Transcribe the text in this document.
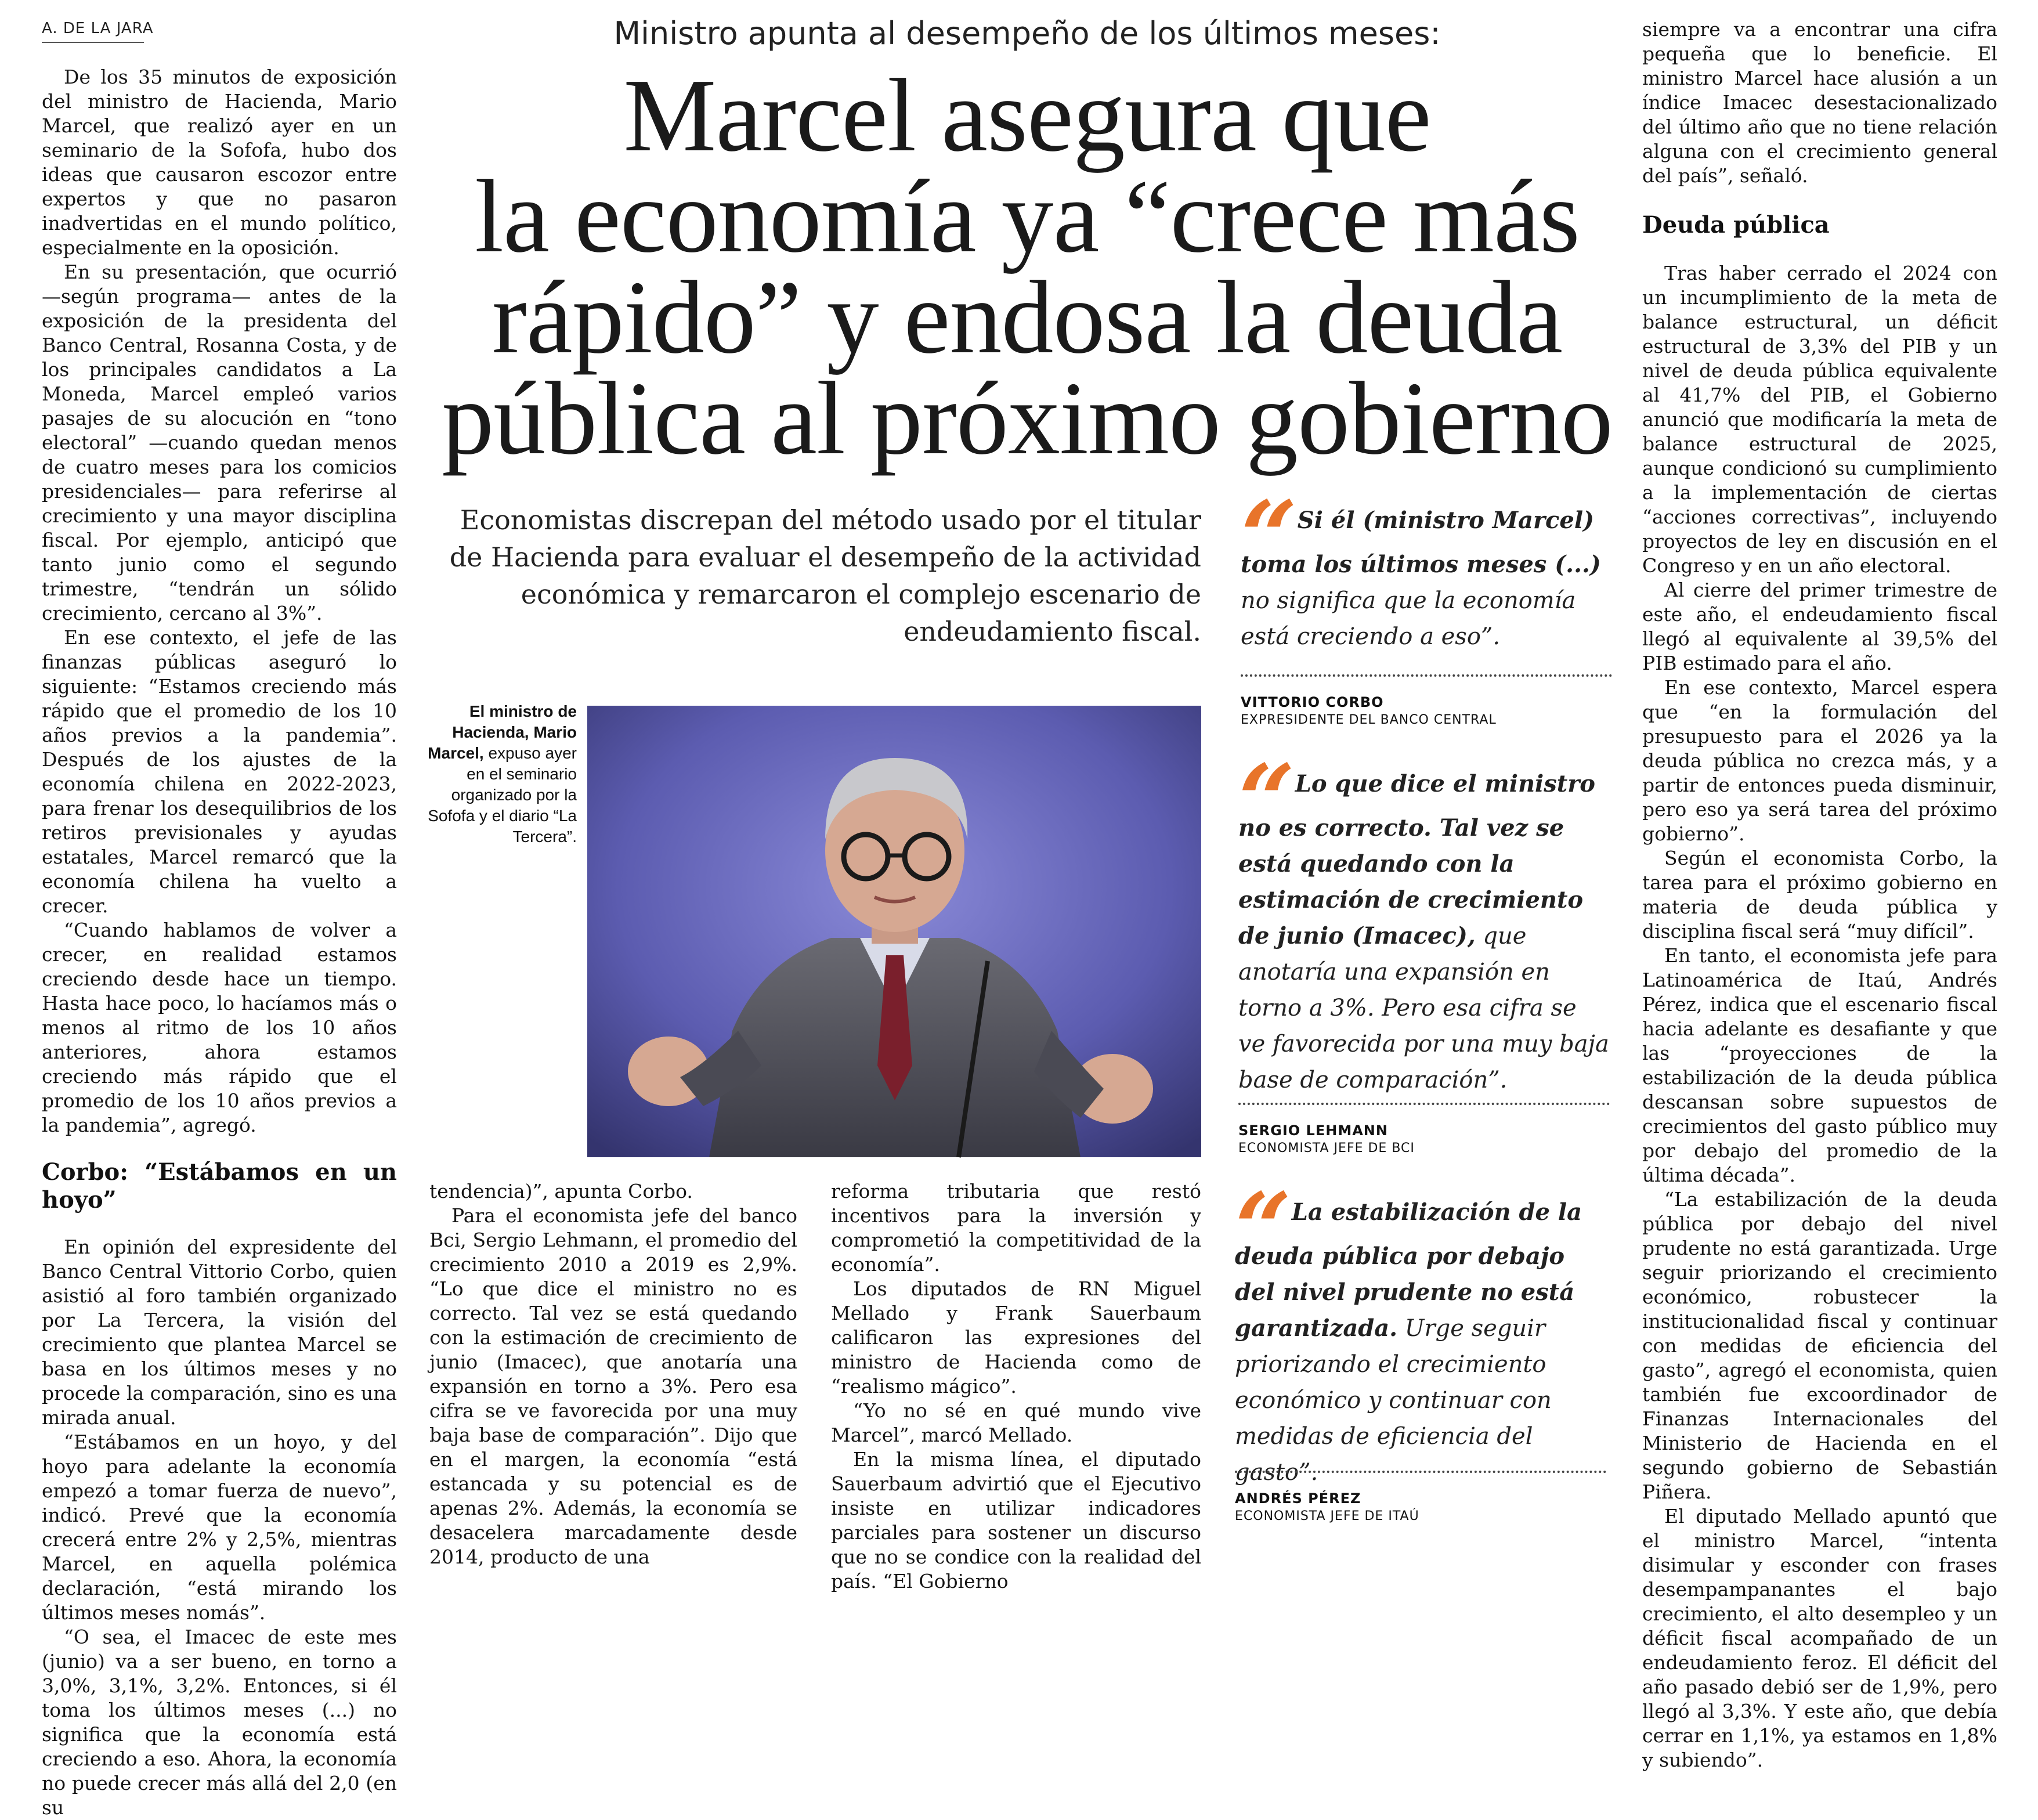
A. DE LA JARA

De los 35 minutos de exposición del ministro de Hacienda, Mario Marcel, que realizó ayer en un seminario de la Sofofa, hubo dos ideas que causaron escozor entre expertos y que no pasaron inadvertidas en el mundo político, especialmente en la oposición.

En su presentación, que ocurrió —según programa— antes de la exposición de la presidenta del Banco Central, Rosanna Costa, y de los principales candidatos a La Moneda, Marcel empleó varios pasajes de su alocución en “tono electoral” —cuando quedan menos de cuatro meses para los comicios presidenciales— para referirse al crecimiento y una mayor disciplina fiscal. Por ejemplo, anticipó que tanto junio como el segundo trimestre, “tendrán un sólido crecimiento, cercano al 3%”.

En ese contexto, el jefe de las finanzas públicas aseguró lo siguiente: “Estamos creciendo más rápido que el promedio de los 10 años previos a la pandemia”. Después de los ajustes de la economía chilena en 2022-2023, para frenar los desequilibrios de los retiros previsionales y ayudas estatales, Marcel remarcó que la economía chilena ha vuelto a crecer.

“Cuando hablamos de volver a crecer, en realidad estamos creciendo desde hace un tiempo. Hasta hace poco, lo hacíamos más o menos al ritmo de los 10 años anteriores, ahora estamos creciendo más rápido que el promedio de los 10 años previos a la pandemia”, agregó.

Corbo: “Estábamos en un hoyo”

En opinión del expresidente del Banco Central Vittorio Corbo, quien asistió al foro también organizado por La Tercera, la visión del crecimiento que plantea Marcel se basa en los últimos meses y no procede la comparación, sino es una mirada anual.

“Estábamos en un hoyo, y del hoyo para adelante la economía empezó a tomar fuerza de nuevo”, indicó. Prevé que la economía crecerá entre 2% y 2,5%, mientras Marcel, en aquella polémica declaración, “está mirando los últimos meses nomás”.

“O sea, el Imacec de este mes (junio) va a ser bueno, en torno a 3,0%, 3,1%, 3,2%. Entonces, si él toma los últimos meses (...) no significa que la economía está creciendo a eso. Ahora, la economía no puede crecer más allá del 2,0 (en su

Ministro apunta al desempeño de los últimos meses:
Marcel asegura que
la economía ya “crece más
rápido” y endosa la deuda
pública al próximo gobierno
Economistas discrepan del método usado por el titular de Hacienda para evaluar el desempeño de la actividad económica y remarcaron el complejo escenario de endeudamiento fiscal.
El ministro de Hacienda, Mario Marcel, expuso ayer en el seminario organizado por la Sofofa y el diario “La Tercera”.

tendencia)”, apunta Corbo.

Para el economista jefe del banco Bci, Sergio Lehmann, el promedio del crecimiento 2010 a 2019 es 2,9%. “Lo que dice el ministro no es correcto. Tal vez se está quedando con la estimación de crecimiento de junio (Imacec), que anotaría una expansión en torno a 3%. Pero esa cifra se ve favorecida por una muy baja base de comparación”. Dijo que en el margen, la economía “está estancada y su potencial es de apenas 2%. Además, la economía se desacelera marcadamente desde 2014, producto de una

reforma tributaria que restó incentivos para la inversión y comprometió la competitividad de la economía”.

Los diputados de RN Miguel Mellado y Frank Sauerbaum calificaron las expresiones del ministro de Hacienda como de “realismo mágico”.

“Yo no sé en qué mundo vive Marcel”, marcó Mellado.

En la misma línea, el diputado Sauerbaum advirtió que el Ejecutivo insiste en utilizar indicadores parciales para sostener un discurso que no se condice con la realidad del país. “El Gobierno

“Si él (ministro Marcel) toma los últimos meses (...) no significa que la economía está creciendo a eso”.
VITTORIO CORBO
EXPRESIDENTE DEL BANCO CENTRAL
“Lo que dice el ministro no es correcto. Tal vez se está quedando con la estimación de crecimiento de junio (Imacec), que anotaría una expansión en torno a 3%. Pero esa cifra se ve favorecida por una muy baja base de comparación”.
SERGIO LEHMANN
ECONOMISTA JEFE DE BCI
“La estabilización de la deuda pública por debajo del nivel prudente no está garantizada. Urge seguir priorizando el crecimiento económico y continuar con medidas de eficiencia del gasto”.
ANDRÉS PÉREZ
ECONOMISTA JEFE DE ITAÚ

siempre va a encontrar una cifra pequeña que lo beneficie. El ministro Marcel hace alusión a un índice Imacec desestacionalizado del último año que no tiene relación alguna con el crecimiento general del país”, señaló.

Deuda pública

Tras haber cerrado el 2024 con un incumplimiento de la meta de balance estructural, un déficit estructural de 3,3% del PIB y un nivel de deuda pública equivalente al 41,7% del PIB, el Gobierno anunció que modificaría la meta de balance estructural de 2025, aunque condicionó su cumplimiento a la implementación de ciertas “acciones correctivas”, incluyendo proyectos de ley en discusión en el Congreso y en un año electoral.

Al cierre del primer trimestre de este año, el endeudamiento fiscal llegó al equivalente al 39,5% del PIB estimado para el año.

En ese contexto, Marcel espera que “en la formulación del presupuesto para el 2026 ya la deuda pública no crezca más, y a partir de entonces pueda disminuir, pero eso ya será tarea del próximo gobierno”.

Según el economista Corbo, la tarea para el próximo gobierno en materia de deuda pública y disciplina fiscal será “muy difícil”.

En tanto, el economista jefe para Latinoamérica de Itaú, Andrés Pérez, indica que el escenario fiscal hacia adelante es desafiante y que las “proyecciones de la estabilización de la deuda pública descansan sobre supuestos de crecimientos del gasto público muy por debajo del promedio de la última década”.

“La estabilización de la deuda pública por debajo del nivel prudente no está garantizada. Urge seguir priorizando el crecimiento económico, robustecer la institucionalidad fiscal y continuar con medidas de eficiencia del gasto”, agregó el economista, quien también fue excoordinador de Finanzas Internacionales del Ministerio de Hacienda en el segundo gobierno de Sebastián Piñera.

El diputado Mellado apuntó que el ministro Marcel, “intenta disimular y esconder con frases desempampanantes el bajo crecimiento, el alto desempleo y un déficit fiscal acompañado de un endeudamiento feroz. El déficit del año pasado debió ser de 1,9%, pero llegó al 3,3%. Y este año, que debía cerrar en 1,1%, ya estamos en 1,8% y subiendo”.
